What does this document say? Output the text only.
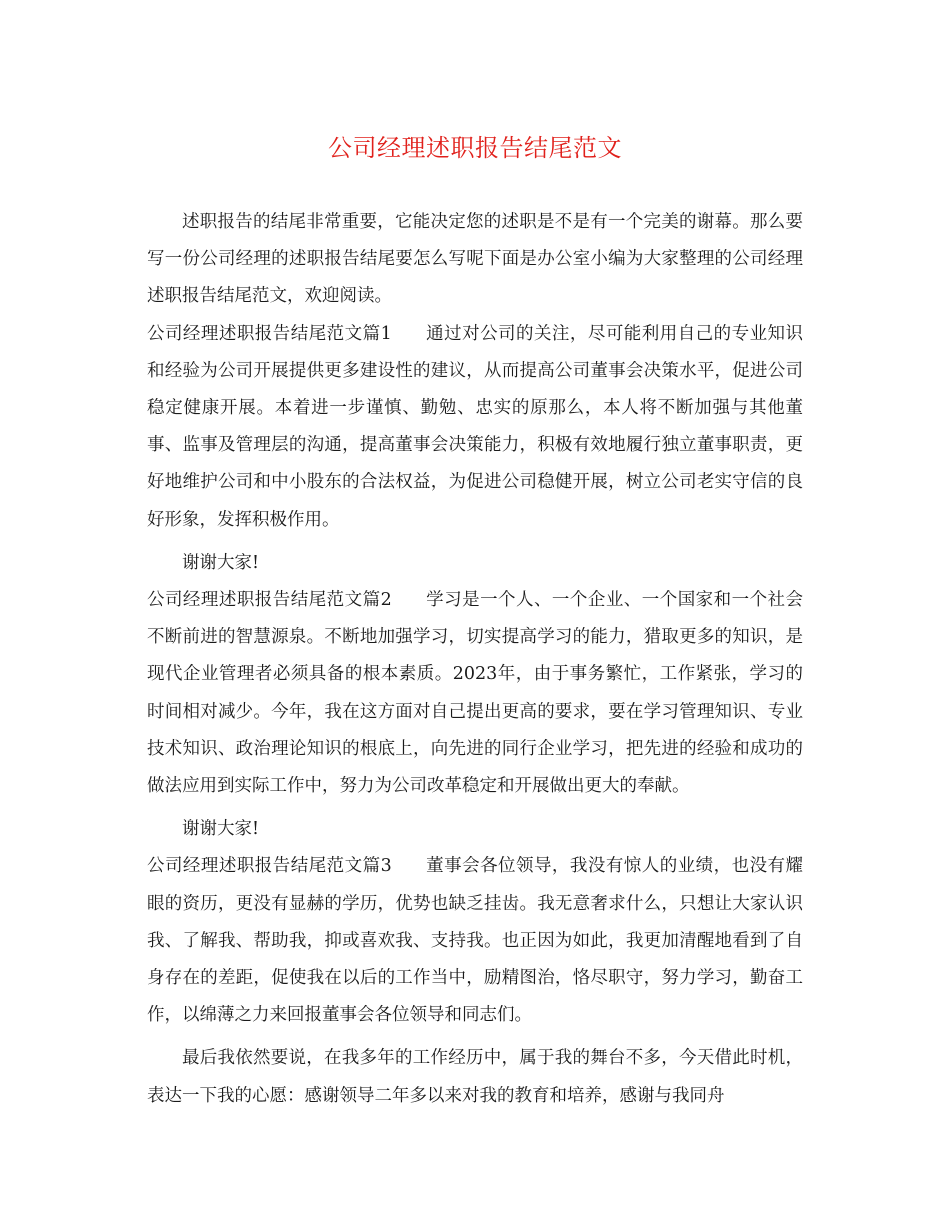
公司经理述职报告结尾范文

述职报告的结尾非常重要，它能决定您的述职是不是有一个完美的谢幕。那么要写一份公司经理的述职报告结尾要怎么写呢下面是办公室小编为大家整理的公司经理述职报告结尾范文，欢迎阅读。

公司经理述职报告结尾范文篇1 通过对公司的关注，尽可能利用自己的专业知识和经验为公司开展提供更多建设性的建议，从而提高公司董事会决策水平，促进公司稳定健康开展。本着进一步谨慎、勤勉、忠实的原那么，本人将不断加强与其他董事、监事及管理层的沟通，提高董事会决策能力，积极有效地履行独立董事职责，更好地维护公司和中小股东的合法权益，为促进公司稳健开展，树立公司老实守信的良好形象，发挥积极作用。

谢谢大家!

公司经理述职报告结尾范文篇2 学习是一个人、一个企业、一个国家和一个社会不断前进的智慧源泉。不断地加强学习，切实提高学习的能力，猎取更多的知识，是现代企业管理者必须具备的根本素质。2023年，由于事务繁忙，工作紧张，学习的时间相对减少。今年，我在这方面对自己提出更高的要求，要在学习管理知识、专业技术知识、政治理论知识的根底上，向先进的同行企业学习，把先进的经验和成功的做法应用到实际工作中，努力为公司改革稳定和开展做出更大的奉献。

谢谢大家!

公司经理述职报告结尾范文篇3 董事会各位领导，我没有惊人的业绩，也没有耀眼的资历，更没有显赫的学历，优势也缺乏挂齿。我无意奢求什么，只想让大家认识我、了解我、帮助我，抑或喜欢我、支持我。也正因为如此，我更加清醒地看到了自身存在的差距，促使我在以后的工作当中，励精图治，恪尽职守，努力学习，勤奋工作，以绵薄之力来回报董事会各位领导和同志们。

最后我依然要说，在我多年的工作经历中，属于我的舞台不多，今天借此时机，表达一下我的心愿：感谢领导二年多以来对我的教育和培养，感谢与我同舟
